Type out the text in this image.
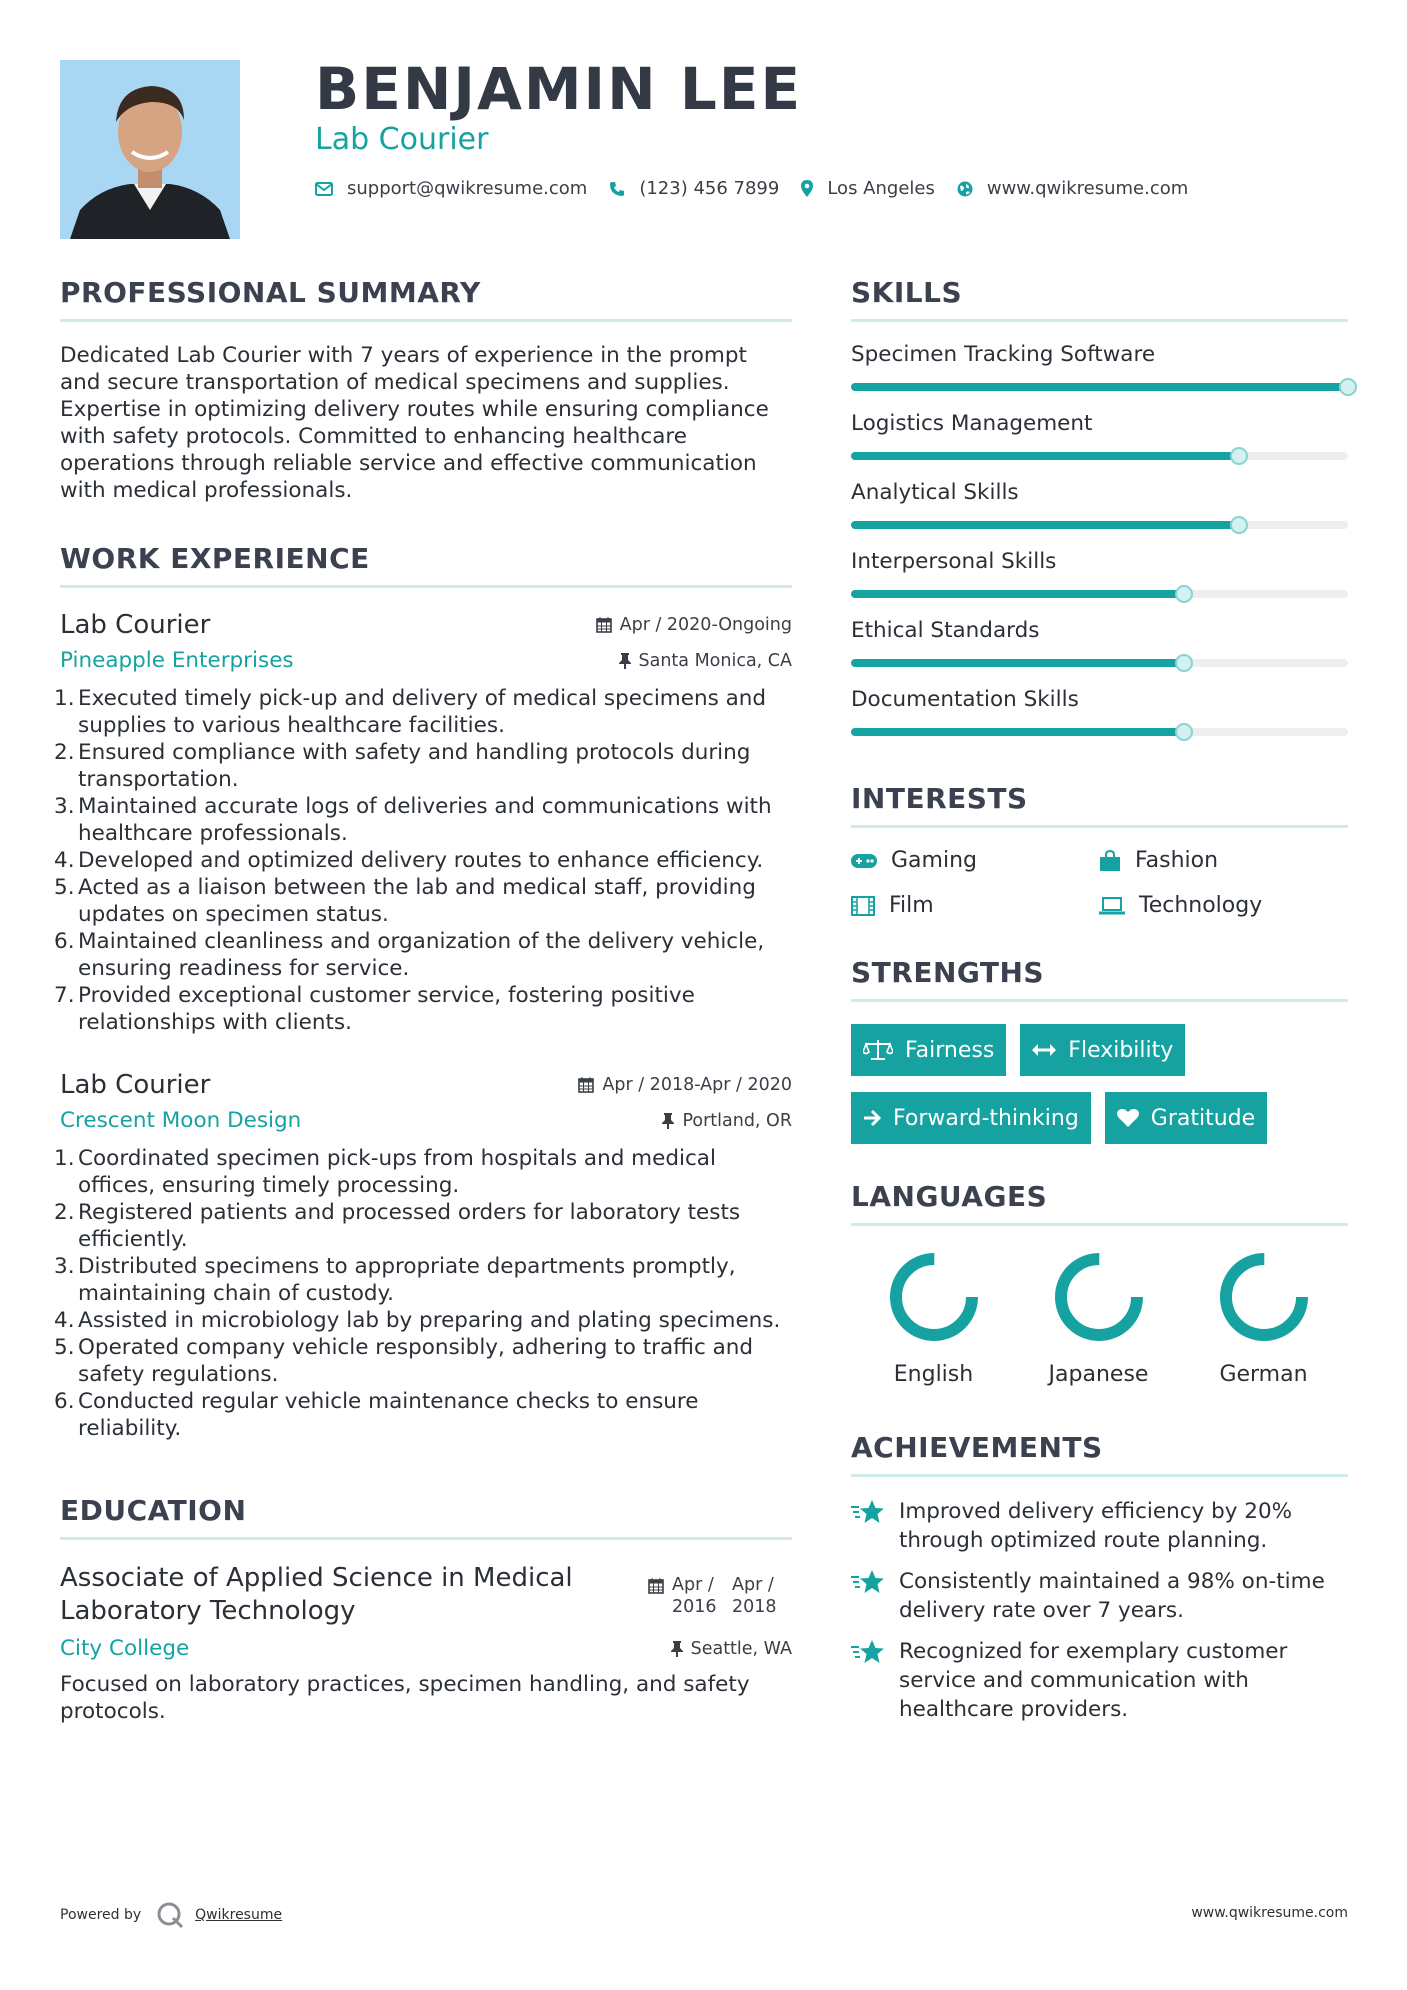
BENJAMIN LEE
Lab Courier
support@qwikresume.com	(123) 456 7899	Los Angeles	www.qwikresume.com
PROFESSIONAL SUMMARY

Dedicated Lab Courier with 7 years of experience in the prompt and secure transportation of medical specimens and supplies. Expertise in optimizing delivery routes while ensuring compliance with safety protocols. Committed to enhancing healthcare operations through reliable service and effective communication with medical professionals.

WORK EXPERIENCE
Lab Courier	Apr / 2020-Ongoing
Pineapple Enterprises	Santa Monica, CA
Executed timely pick-up and delivery of medical specimens and supplies to various healthcare facilities.
Ensured compliance with safety and handling protocols during transportation.
Maintained accurate logs of deliveries and communications with healthcare professionals.
Developed and optimized delivery routes to enhance efficiency.
Acted as a liaison between the lab and medical staff, providing updates on specimen status.
Maintained cleanliness and organization of the delivery vehicle, ensuring readiness for service.
Provided exceptional customer service, fostering positive relationships with clients.
Lab Courier	Apr / 2018-Apr / 2020
Crescent Moon Design	Portland, OR
Coordinated specimen pick-ups from hospitals and medical offices, ensuring timely processing.
Registered patients and processed orders for laboratory tests efficiently.
Distributed specimens to appropriate departments promptly, maintaining chain of custody.
Assisted in microbiology lab by preparing and plating specimens.
Operated company vehicle responsibly, adhering to traffic and safety regulations.
Conducted regular vehicle maintenance checks to ensure reliability.
EDUCATION
Associate of Applied Science in Medical Laboratory Technology
Apr / 2016
Apr / 2018
City College	Seattle, WA

Focused on laboratory practices, specimen handling, and safety protocols.

SKILLS
Specimen Tracking Software
Logistics Management
Analytical Skills
Interpersonal Skills
Ethical Standards
Documentation Skills
INTERESTS
Gaming	Fashion
Film	Technology
STRENGTHS
Fairness	Flexibility
Forward-thinking	Gratitude
LANGUAGES
English	Japanese	German
ACHIEVEMENTS
Improved delivery efficiency by 20% through optimized route planning.
Consistently maintained a 98% on-time delivery rate over 7 years.
Recognized for exemplary customer service and communication with healthcare providers.
Powered by	Qwikresume	www.qwikresume.com
